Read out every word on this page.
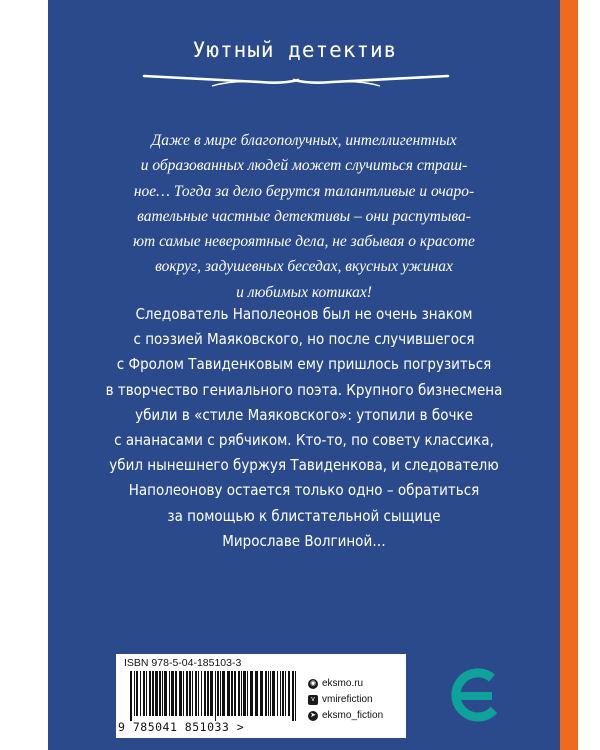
Уютный детектив
Даже в мире благополучных, интеллигентных
и образованных людей может случиться страш-
ное… Тогда за дело берутся талантливые и очаро-
вательные частные детективы – они распутыва-
ют самые невероятные дела, не забывая о красоте
вокруг, задушевных беседах, вкусных ужинах
и любимых котиках!
Следователь Наполеонов был не очень знаком
с поэзией Маяковского, но после случившегося
с Фролом Тавиденковым ему пришлось погрузиться
в творчество гениального поэта. Крупного бизнесмена
убили в «стиле Маяковского»: утопили в бочке
с ананасами с рябчиком. Кто-то, по совету классика,
убил нынешнего буржуя Тавиденкова, и следователю
Наполеонову остается только одно – обратиться
за помощью к блистательной сыщице
Мирославе Волгиной…
ISBN 978-5-04-185103-3
9 785041 851033 >
◉ eksmo.ru
v vmirefiction
➤ eksmo_fiction
